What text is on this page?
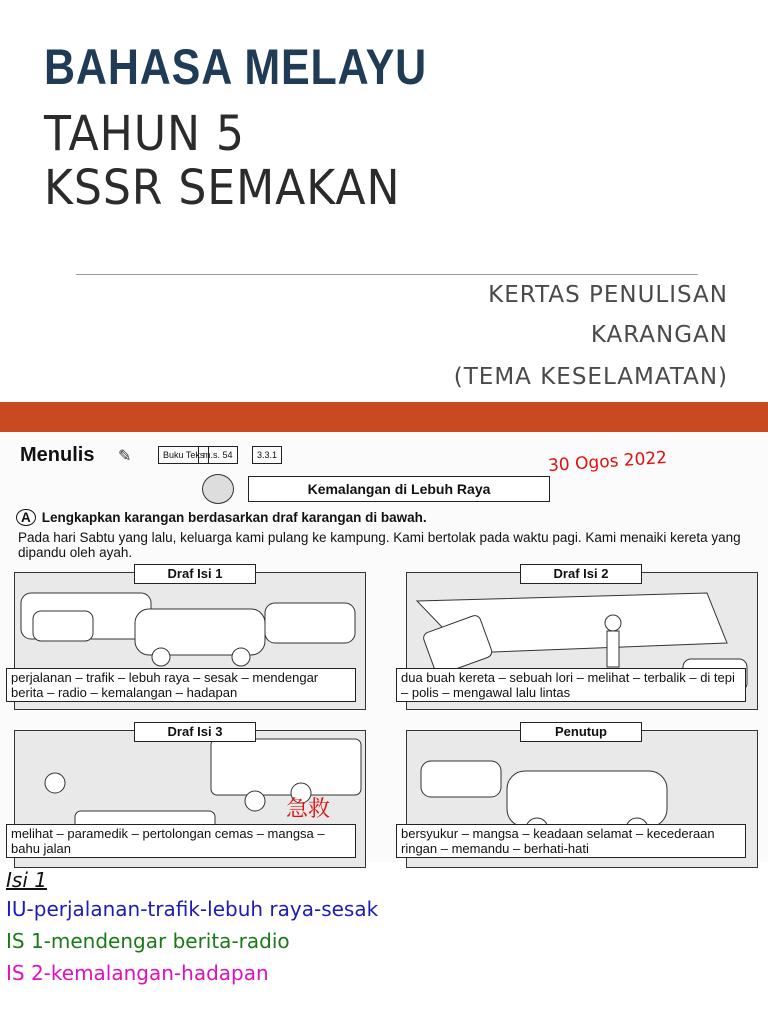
BAHASA MELAYU
TAHUN 5
KSSR SEMAKAN

KERTAS PENULISAN

KARANGAN

(TEMA KESELAMATAN)

Menulis ✎	Buku Teks
m.s. 54	3.3.1	30 Ogos 2022
Kemalangan di Lebuh Raya
A Lengkapkan karangan berdasarkan draf karangan di bawah.
Pada hari Sabtu yang lalu, keluarga kami pulang ke kampung. Kami bertolak pada waktu pagi. Kami menaiki kereta yang dipandu oleh ayah.
Draf Isi 1
perjalanan – trafik – lebuh raya – sesak – mendengar berita – radio – kemalangan – hadapan
Draf Isi 2
dua buah kereta – sebuah lori – melihat – terbalik – di tepi – polis – mengawal lalu lintas
Draf Isi 3
melihat – paramedik – pertolongan cemas – mangsa – bahu jalan
急救
Penutup
bersyukur – mangsa – keadaan selamat – kecederaan ringan – memandu – berhati-hati

Isi 1

IU-perjalanan-trafik-lebuh raya-sesak

IS 1-mendengar berita-radio

IS 2-kemalangan-hadapan
